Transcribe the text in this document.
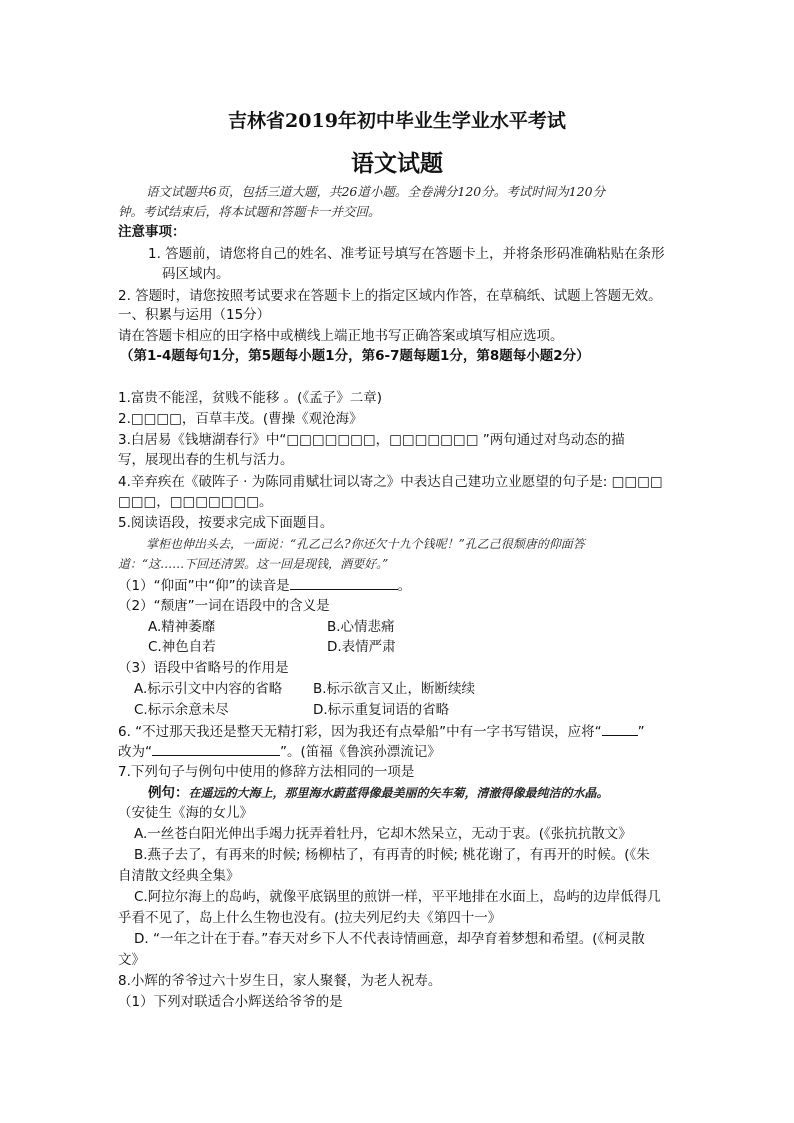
吉林省2019年初中毕业生学业水平考试
语文试题
语文试题共6页，包括三道大题，共26道小题。全卷满分120分。考试时间为120分
钟。考试结束后，将本试题和答题卡一并交回。
注意事项：
1. 答题前，请您将自己的姓名、准考证号填写在答题卡上，并将条形码准确粘贴在条形
码区域内。
2. 答题时，请您按照考试要求在答题卡上的指定区域内作答，在草稿纸、试题上答题无效。
一、积累与运用（15分）
请在答题卡相应的田字格中或横线上端正地书写正确答案或填写相应选项。
（第1-4题每句1分，第5题每小题1分，第6-7题每题1分，第8题每小题2分）
1.富贵不能淫，贫贱不能移 。(《孟子》二章)
2.□□□□，百草丰茂。(曹操《观沧海》
3.白居易《钱塘湖春行》中“□□□□□□□，□□□□□□□ ”两句通过对鸟动态的描
写，展现出春的生机与活力。
4.辛弃疾在《破阵子 · 为陈同甫赋壮词以寄之》中表达自己建功立业愿望的句子是: □□□□
□□□，□□□□□□□。
5.阅读语段，按要求完成下面题目。
掌柜也伸出头去，一面说：“孔乙己么?你还欠十九个钱呢！”孔乙己很颓唐的仰面答
道：“这……下回还清罢。这一回是现钱，酒要好。”
（1）“仰面”中“仰”的读音是	。
（2）“颓唐”一词在语段中的含义是
A.精神萎靡	B.心情悲痛
C.神色自若	D.表情严肃
（3）语段中省略号的作用是
A.标示引文中内容的省略 B.标示欲言又止，断断续续
C.标示余意未尽	D.标示重复词语的省略
6. “不过那天我还是整天无精打彩，因为我还有点晕船”中有一字书写错误，应将“	”
改为“	”。(笛福《鲁滨孙漂流记》
7.下列句子与例句中使用的修辞方法相同的一项是
例句：在遥远的大海上，那里海水蔚蓝得像最美丽的矢车菊，清澈得像最纯洁的水晶。
（安徒生《海的女儿》
A.一丝苍白阳光伸出手竭力抚弄着牡丹，它却木然呆立，无动于衷。(《张抗抗散文》
B.燕子去了，有再来的时候; 杨柳枯了，有再青的时候; 桃花谢了，有再开的时候。(《朱
自清散文经典全集》
C.阿拉尔海上的岛屿，就像平底锅里的煎饼一样，平平地排在水面上，岛屿的边岸低得几
乎看不见了，岛上什么生物也没有。(拉夫列尼约夫《第四十一》
D. “一年之计在于春。”春天对乡下人不代表诗情画意，却孕育着梦想和希望。(《柯灵散
文》
8.小辉的爷爷过六十岁生日，家人聚餐，为老人祝寿。
（1）下列对联适合小辉送给爷爷的是
